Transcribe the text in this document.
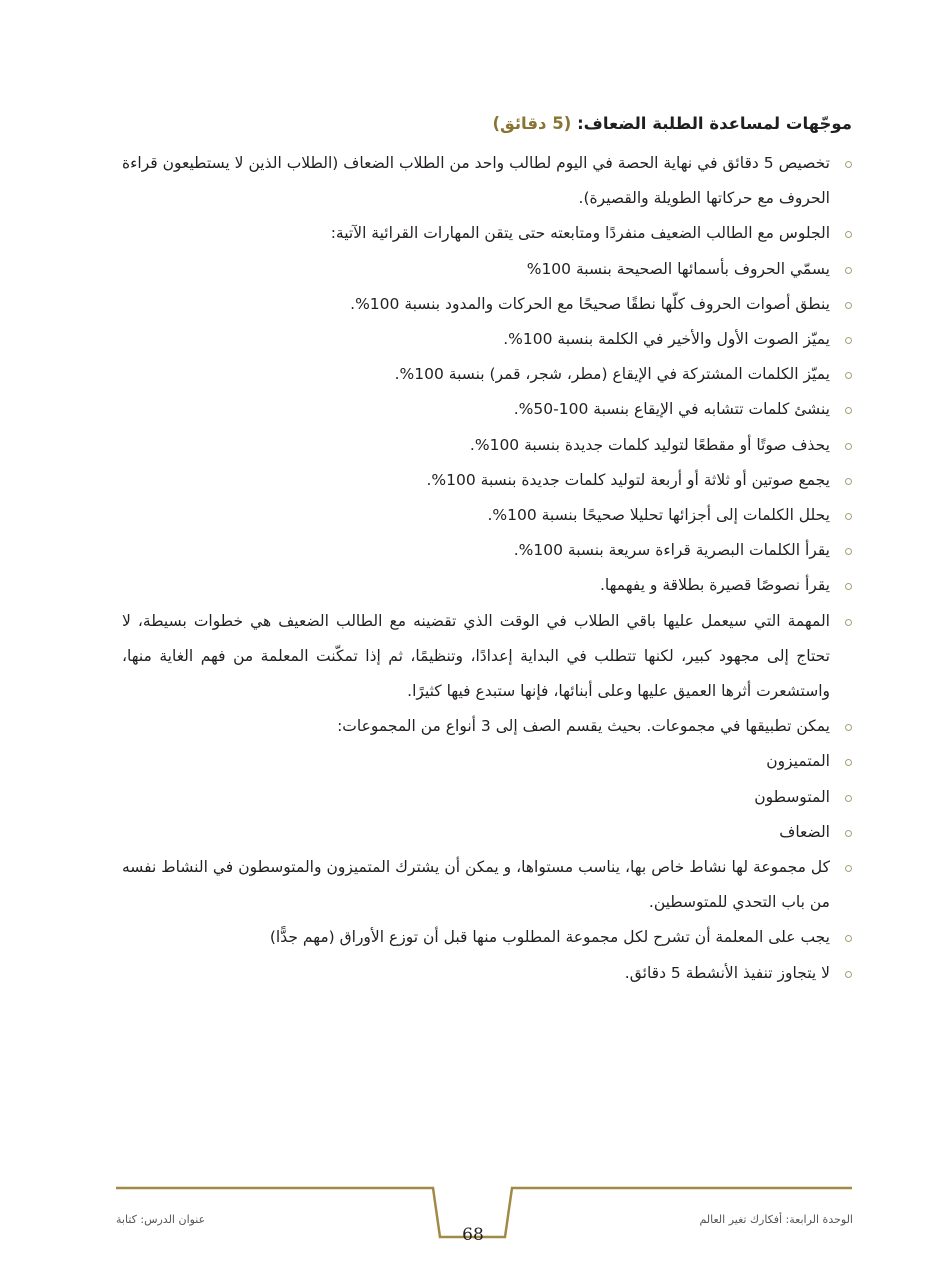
موجّهات لمساعدة الطلبة الضعاف: (5 دقائق)

تخصيص 5 دقائق في نهاية الحصة في اليوم لطالب واحد من الطلاب الضعاف (الطلاب الذين لا يستطيعون قراءة الحروف مع حركاتها الطويلة والقصيرة).
الجلوس مع الطالب الضعيف منفردًا ومتابعته حتى يتقن المهارات القرائية الآتية:
يسمّي الحروف بأسمائها الصحيحة بنسبة 100%
ينطق أصوات الحروف كلّها نطقًا صحيحًا مع الحركات والمدود بنسبة 100%.
يميّز الصوت الأول والأخير في الكلمة بنسبة 100%.
يميّز الكلمات المشتركة في الإيقاع (مطر، شجر، قمر) بنسبة 100%.
ينشئ كلمات تتشابه في الإيقاع بنسبة 100-50%.
يحذف صوتًا أو مقطعًا لتوليد كلمات جديدة بنسبة 100%.
يجمع صوتين أو ثلاثة أو أربعة لتوليد كلمات جديدة بنسبة 100%.
يحلل الكلمات إلى أجزائها تحليلا صحيحًا بنسبة 100%.
يقرأ الكلمات البصرية قراءة سريعة بنسبة 100%.
يقرأ نصوصًا قصيرة بطلاقة و يفهمها.
المهمة التي سيعمل عليها باقي الطلاب في الوقت الذي تقضينه مع الطالب الضعيف هي خطوات بسيطة، لا تحتاج إلى مجهود كبير، لكنها تتطلب في البداية إعدادًا، وتنظيمًا، ثم إذا تمكّنت المعلمة من فهم الغاية منها، واستشعرت أثرها العميق عليها وعلى أبنائها، فإنها ستبدع فيها كثيرًا.
يمكن تطبيقها في مجموعات. بحيث يقسم الصف إلى 3 أنواع من المجموعات:
المتميزون
المتوسطون
الضعاف
كل مجموعة لها نشاط خاص بها، يناسب مستواها، و يمكن أن يشترك المتميزون والمتوسطون في النشاط نفسه من باب التحدي للمتوسطين.
يجب على المعلمة أن تشرح لكل مجموعة المطلوب منها قبل أن توزع الأوراق (مهم جدًّا)
لا يتجاوز تنفيذ الأنشطة 5 دقائق.
68
عنوان الدرس: كتابة	الوحدة الرابعة: أفكارك تغير العالم
